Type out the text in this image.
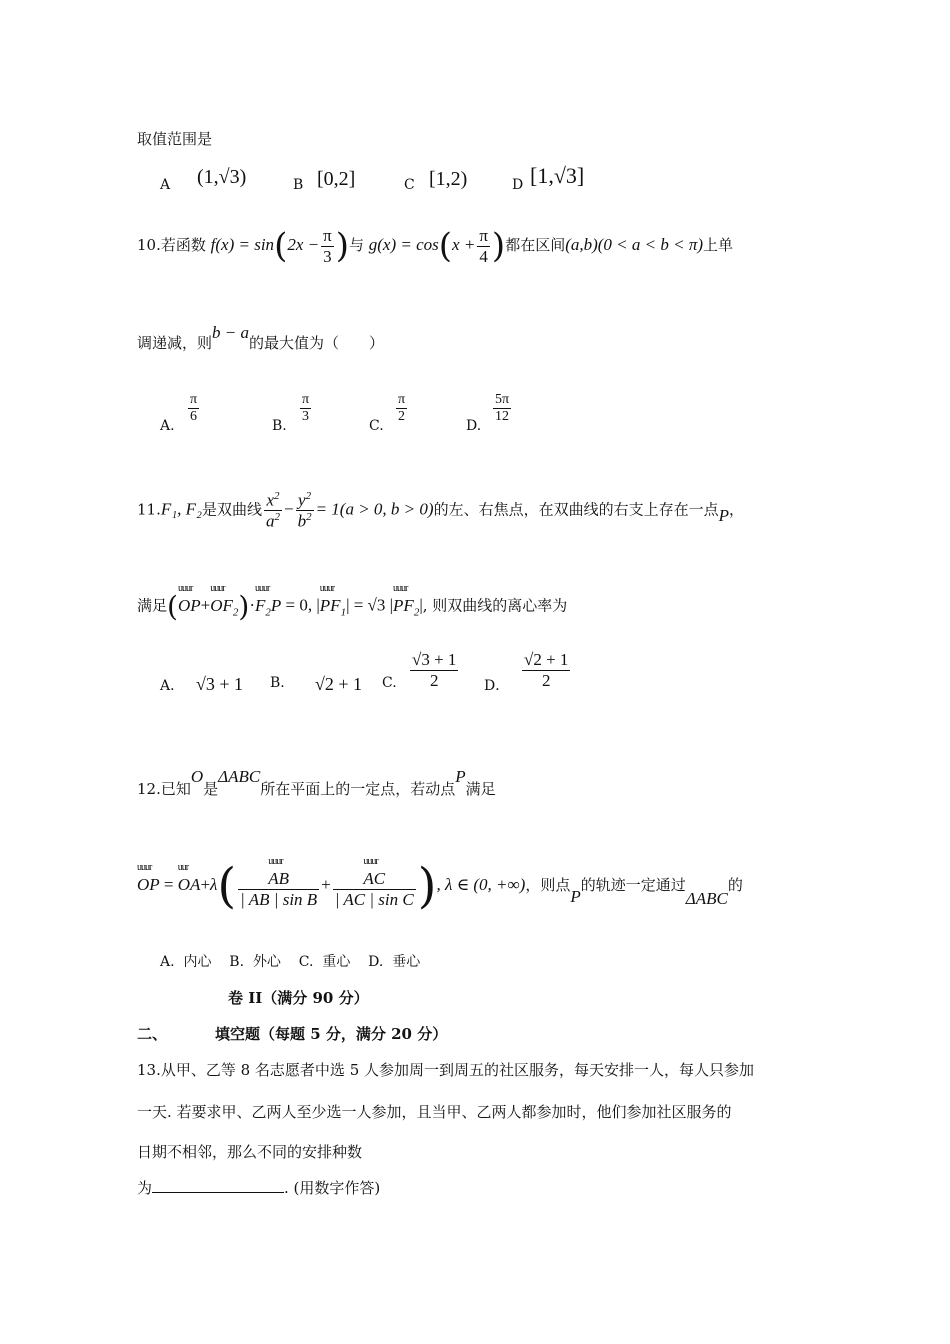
取值范围是
A (1,√3)	B [0,2]	C [1,2)	D [1,√3]
10.若函数 $f(x) = \sin(2x - \frac{\pi}{3}$ )与 $g(x) = \cos(x + \frac{\pi}{4}$ )都在区间(a,b)(0 < a < b < π)上单
调递减，则b − a的最大值为（　　）
A.
$\frac{\pi}{6}$
B.
$\frac{\pi}{3}$
C.
$\frac{\pi}{2}$
D.
$\frac{5\pi}{12}$
11.F₁, F₂是双曲线 $\frac{x^2}{a^2} - \frac{y^2}{b^2} = 1(a > 0$, b > 0)的左、右焦点，在双曲线的右支上存在一点P，
满足(OP
uuur
$+OF_2$
uuur
)$\cdot F_2P$
uuur
= 0, $|PF_1$
uuur
| = √3 $|PF_2$
uuur
|, 则双曲线的离心率为
A． √3 + 1 B. √2 + 1 C. $\frac{√3 + 1}{2}$ D． $\frac{√2 + 1}{2}$
12.已知O是ΔABC所在平面上的一定点，若动点P满足
OP
uuur
= OA
uur
+λ( AB
uuur
| AB | sin B + AC
uuur
| AC | sin C ), λ ∈ (0, +∞)，则点P的轨迹一定通过ΔABC的
A. 内心 B. 外心 C. 重心 D. 垂心
卷 II（满分 90 分）
二、	填空题（每题 5 分，满分 20 分）
13.从甲、乙等 8 名志愿者中选 5 人参加周一到周五的社区服务，每天安排一人，每人只参加
一天. 若要求甲、乙两人至少选一人参加，且当甲、乙两人都参加时，他们参加社区服务的
日期不相邻，那么不同的安排种数
为	. (用数字作答)
